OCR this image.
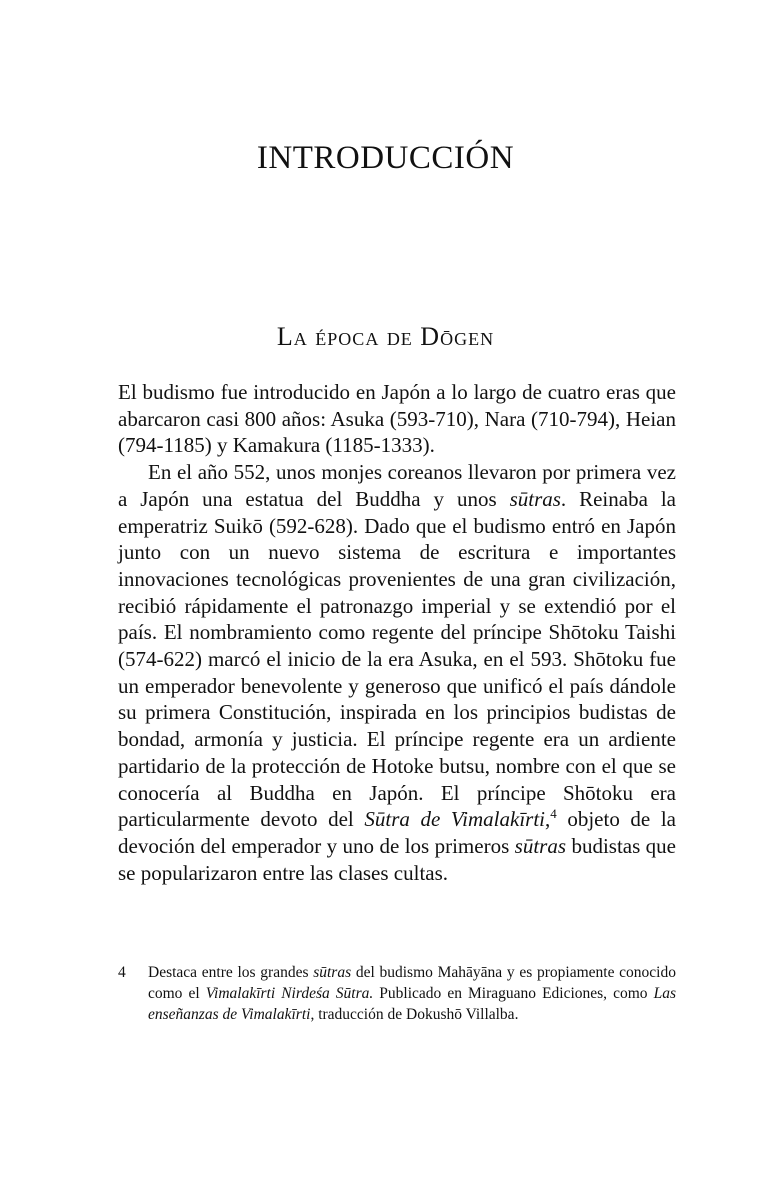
INTRODUCCIÓN
La época de Dōgen

El budismo fue introducido en Japón a lo largo de cuatro eras que abarcaron casi 800 años: Asuka (593-710), Nara (710-794), Heian (794-1185) y Kamakura (1185-1333).

En el año 552, unos monjes coreanos llevaron por primera vez a Japón una estatua del Buddha y unos sūtras. Reinaba la emperatriz Suikō (592-628). Dado que el budismo entró en Japón junto con un nuevo sistema de escritura e importantes innovaciones tecnológicas provenientes de una gran civilización, recibió rápidamente el patronazgo imperial y se extendió por el país. El nombramiento como regente del príncipe Shōtoku Taishi (574-622) marcó el inicio de la era Asuka, en el 593. Shōtoku fue un emperador benevolente y generoso que unificó el país dándole su primera Constitución, inspirada en los principios budistas de bondad, armonía y justicia. El príncipe regente era un ardiente partidario de la protección de Hotoke butsu, nombre con el que se conocería al Buddha en Japón. El príncipe Shōtoku era particularmente devoto del Sūtra de Vimalakīrti,$^4$ objeto de la devoción del emperador y uno de los primeros sūtras budistas que se popularizaron entre las clases cultas.

4 Destaca entre los grandes sūtras del budismo Mahāyāna y es propiamente conocido como el Vimalakīrti Nirdeśa Sūtra. Publicado en Miraguano Ediciones, como Las enseñanzas de Vimalakīrti, traducción de Dokushō Villalba.
